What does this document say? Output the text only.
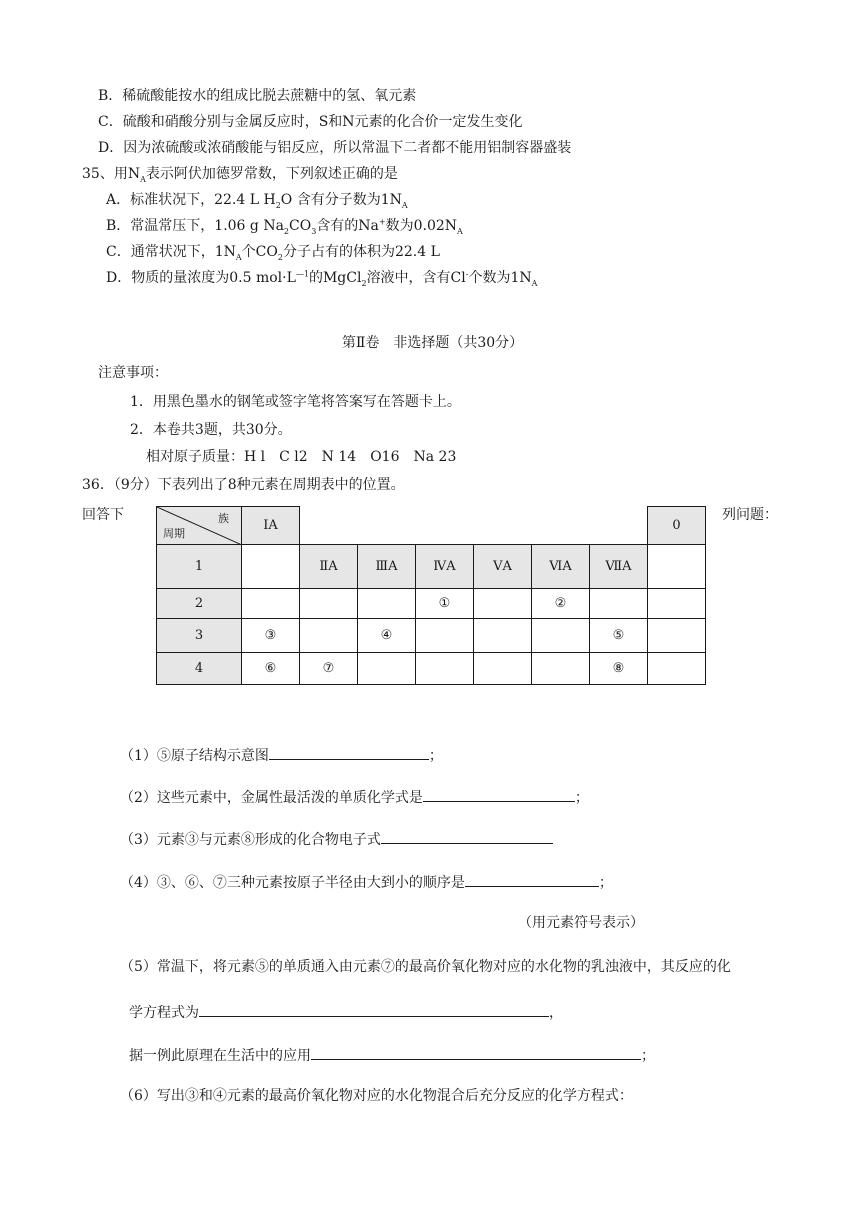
B．稀硫酸能按水的组成比脱去蔗糖中的氢、氧元素
C．硫酸和硝酸分别与金属反应时，S和N元素的化合价一定发生变化
D．因为浓硫酸或浓硝酸能与铝反应，所以常温下二者都不能用铝制容器盛装
35、用$N_A$表示阿伏加德罗常数，下列叙述正确的是
A．标准状况下，22.4 L $H_2O$ 含有分子数为$1N_A$
B．常温常压下，1.06 g $Na_2CO_3$含有的Na+数为$0.02N_A$
C．通常状况下，$1N_A$个$CO_2$分子占有的体积为22.4 L
D．物质的量浓度为0.5 $mol\cdot L^{—1}$的MgCl$_2$溶液中，含有Cl-个数为$1N_A$
第Ⅱ卷　非选择题（共30分）
注意事项：
1．用黑色墨水的钢笔或签字笔将答案写在答题卡上。
2．本卷共3题，共30分。
相对原子质量：H l　C l2　N 14　O16　Na 23
36．（9分）下表列出了8种元素在周期表中的位置。
回答下	列问题：
族
周期	ⅠA							0
1		ⅡA	ⅢA	ⅣA	ⅤA	ⅥA	ⅦA	
2				①		②		
3	③		④				⑤	
4	⑥	⑦					⑧	
（1）⑤原子结构示意图	；
（2）这些元素中，金属性最活泼的单质化学式是	；
（3）元素③与元素⑧形成的化合物电子式
（4）③、⑥、⑦三种元素按原子半径由大到小的顺序是	；
（用元素符号表示）
（5）常温下，将元素⑤的单质通入由元素⑦的最高价氧化物对应的水化物的乳浊液中，其反应的化
学方程式为	，
据一例此原理在生活中的应用	；
（6）写出③和④元素的最高价氧化物对应的水化物混合后充分反应的化学方程式：
